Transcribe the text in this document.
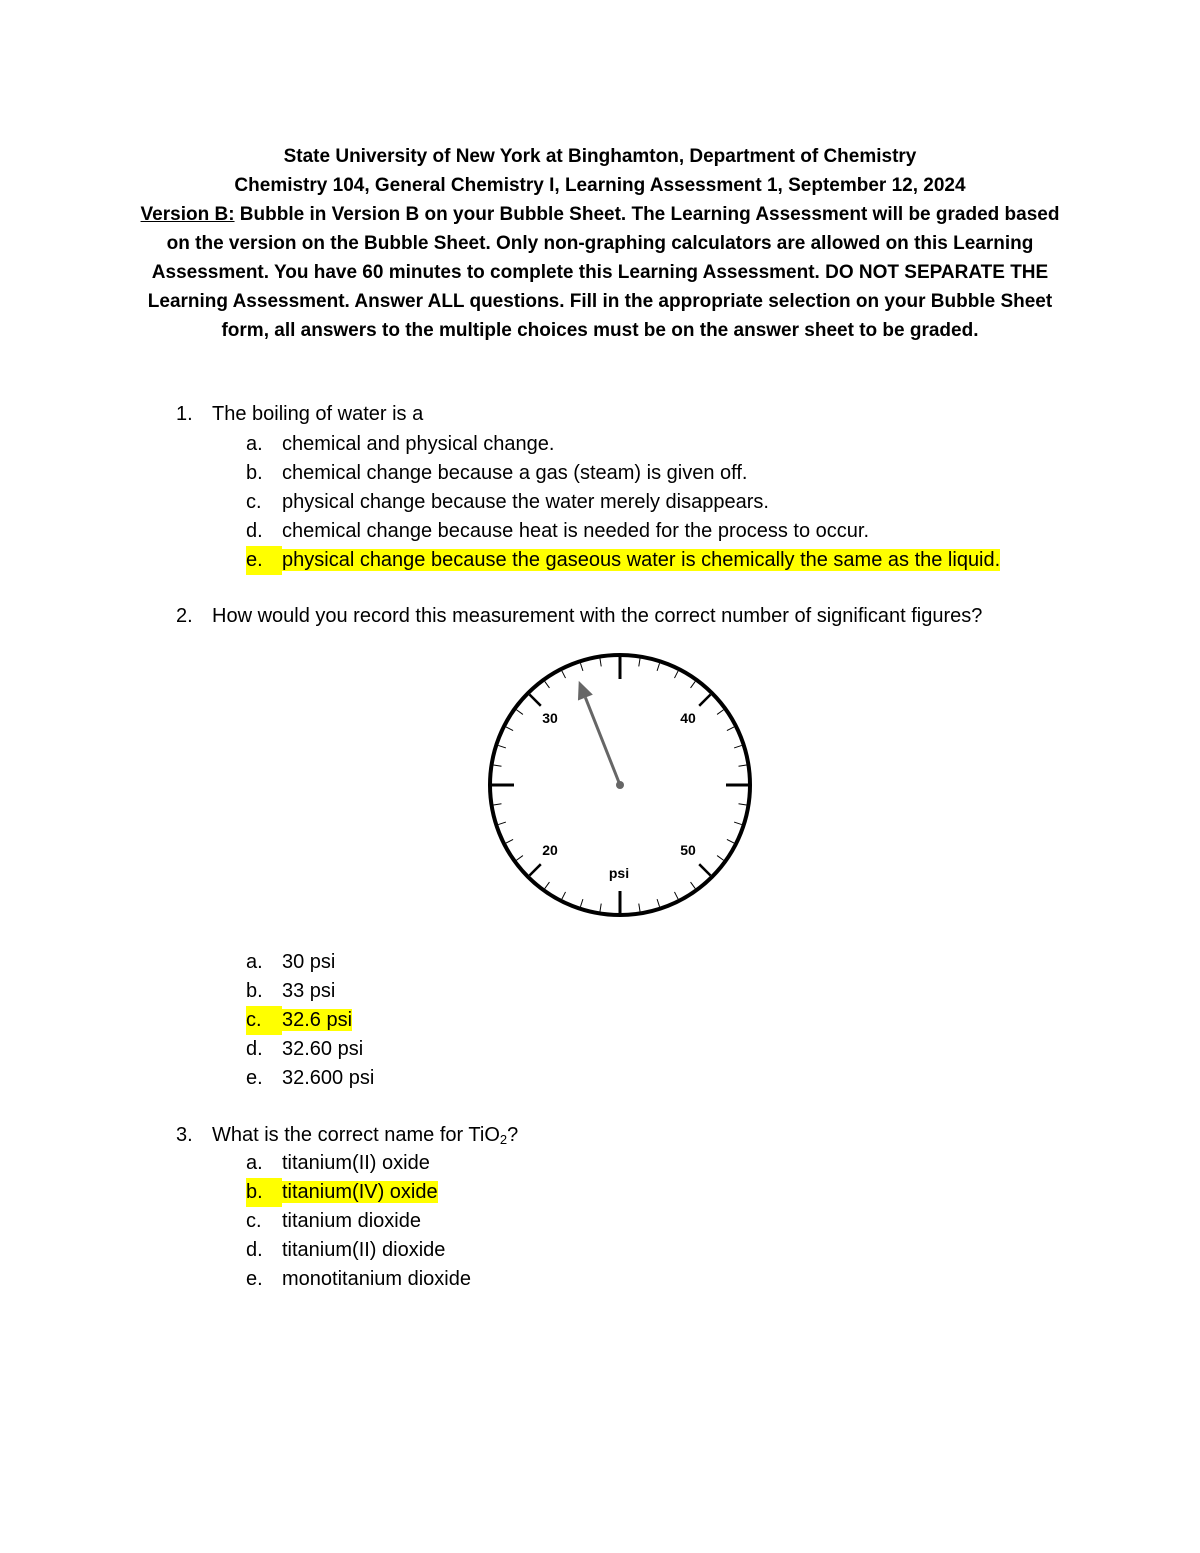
State University of New York at Binghamton, Department of Chemistry
Chemistry 104, General Chemistry I, Learning Assessment 1, September 12, 2024
Version B: Bubble in Version B on your Bubble Sheet. The Learning Assessment will be graded based on the version on the Bubble Sheet. Only non-graphing calculators are allowed on this Learning Assessment. You have 60 minutes to complete this Learning Assessment. DO NOT SEPARATE THE Learning Assessment. Answer ALL questions. Fill in the appropriate selection on your Bubble Sheet form, all answers to the multiple choices must be on the answer sheet to be graded.
1. The boiling of water is a
a. chemical and physical change.
b. chemical change because a gas (steam) is given off.
c. physical change because the water merely disappears.
d. chemical change because heat is needed for the process to occur.
e. physical change because the gaseous water is chemically the same as the liquid.
2. How would you record this measurement with the correct number of significant figures?
30	40
20	50
psi
a. 30 psi
b. 33 psi
c. 32.6 psi
d. 32.60 psi
e. 32.600 psi
3. What is the correct name for TiO$_2$?
a. titanium(II) oxide
b. titanium(IV) oxide
c. titanium dioxide
d. titanium(II) dioxide
e. monotitanium dioxide
